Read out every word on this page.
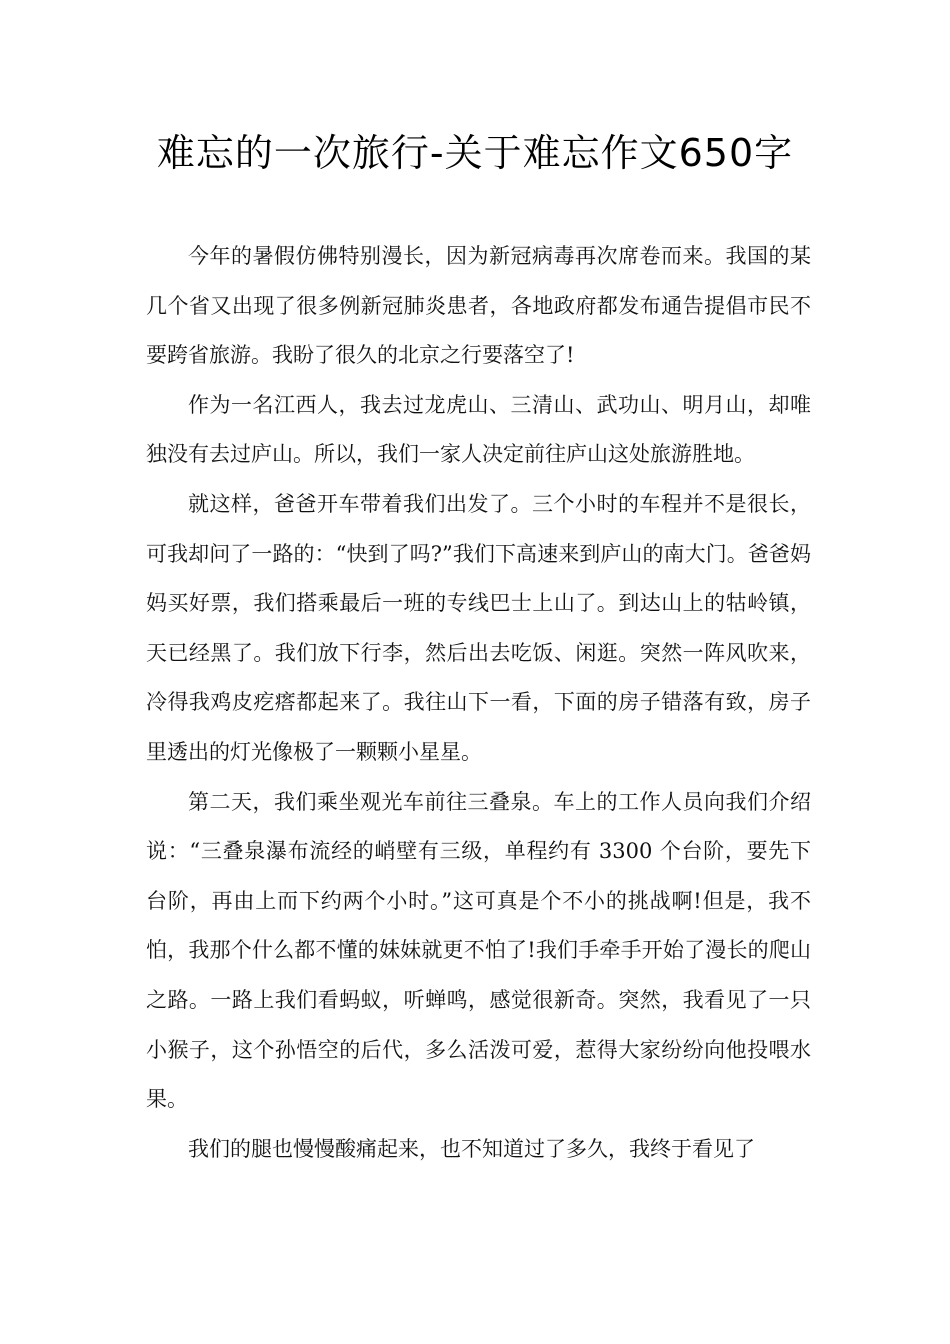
难忘的一次旅行-关于难忘作文650字

今年的暑假仿佛特别漫长，因为新冠病毒再次席卷而来。我国的某几个省又出现了很多例新冠肺炎患者，各地政府都发布通告提倡市民不要跨省旅游。我盼了很久的北京之行要落空了!

作为一名江西人，我去过龙虎山、三清山、武功山、明月山，却唯独没有去过庐山。所以，我们一家人决定前往庐山这处旅游胜地。

就这样，爸爸开车带着我们出发了。三个小时的车程并不是很长，可我却问了一路的：“快到了吗?”我们下高速来到庐山的南大门。爸爸妈妈买好票，我们搭乘最后一班的专线巴士上山了。到达山上的牯岭镇，天已经黑了。我们放下行李，然后出去吃饭、闲逛。突然一阵风吹来，冷得我鸡皮疙瘩都起来了。我往山下一看，下面的房子错落有致，房子里透出的灯光像极了一颗颗小星星。

第二天，我们乘坐观光车前往三叠泉。车上的工作人员向我们介绍说：“三叠泉瀑布流经的峭壁有三级，单程约有 3300 个台阶，要先下台阶，再由上而下约两个小时。”这可真是个不小的挑战啊!但是，我不怕，我那个什么都不懂的妹妹就更不怕了!我们手牵手开始了漫长的爬山之路。一路上我们看蚂蚁，听蝉鸣，感觉很新奇。突然，我看见了一只小猴子，这个孙悟空的后代，多么活泼可爱，惹得大家纷纷向他投喂水果。

我们的腿也慢慢酸痛起来，也不知道过了多久，我终于看见了
